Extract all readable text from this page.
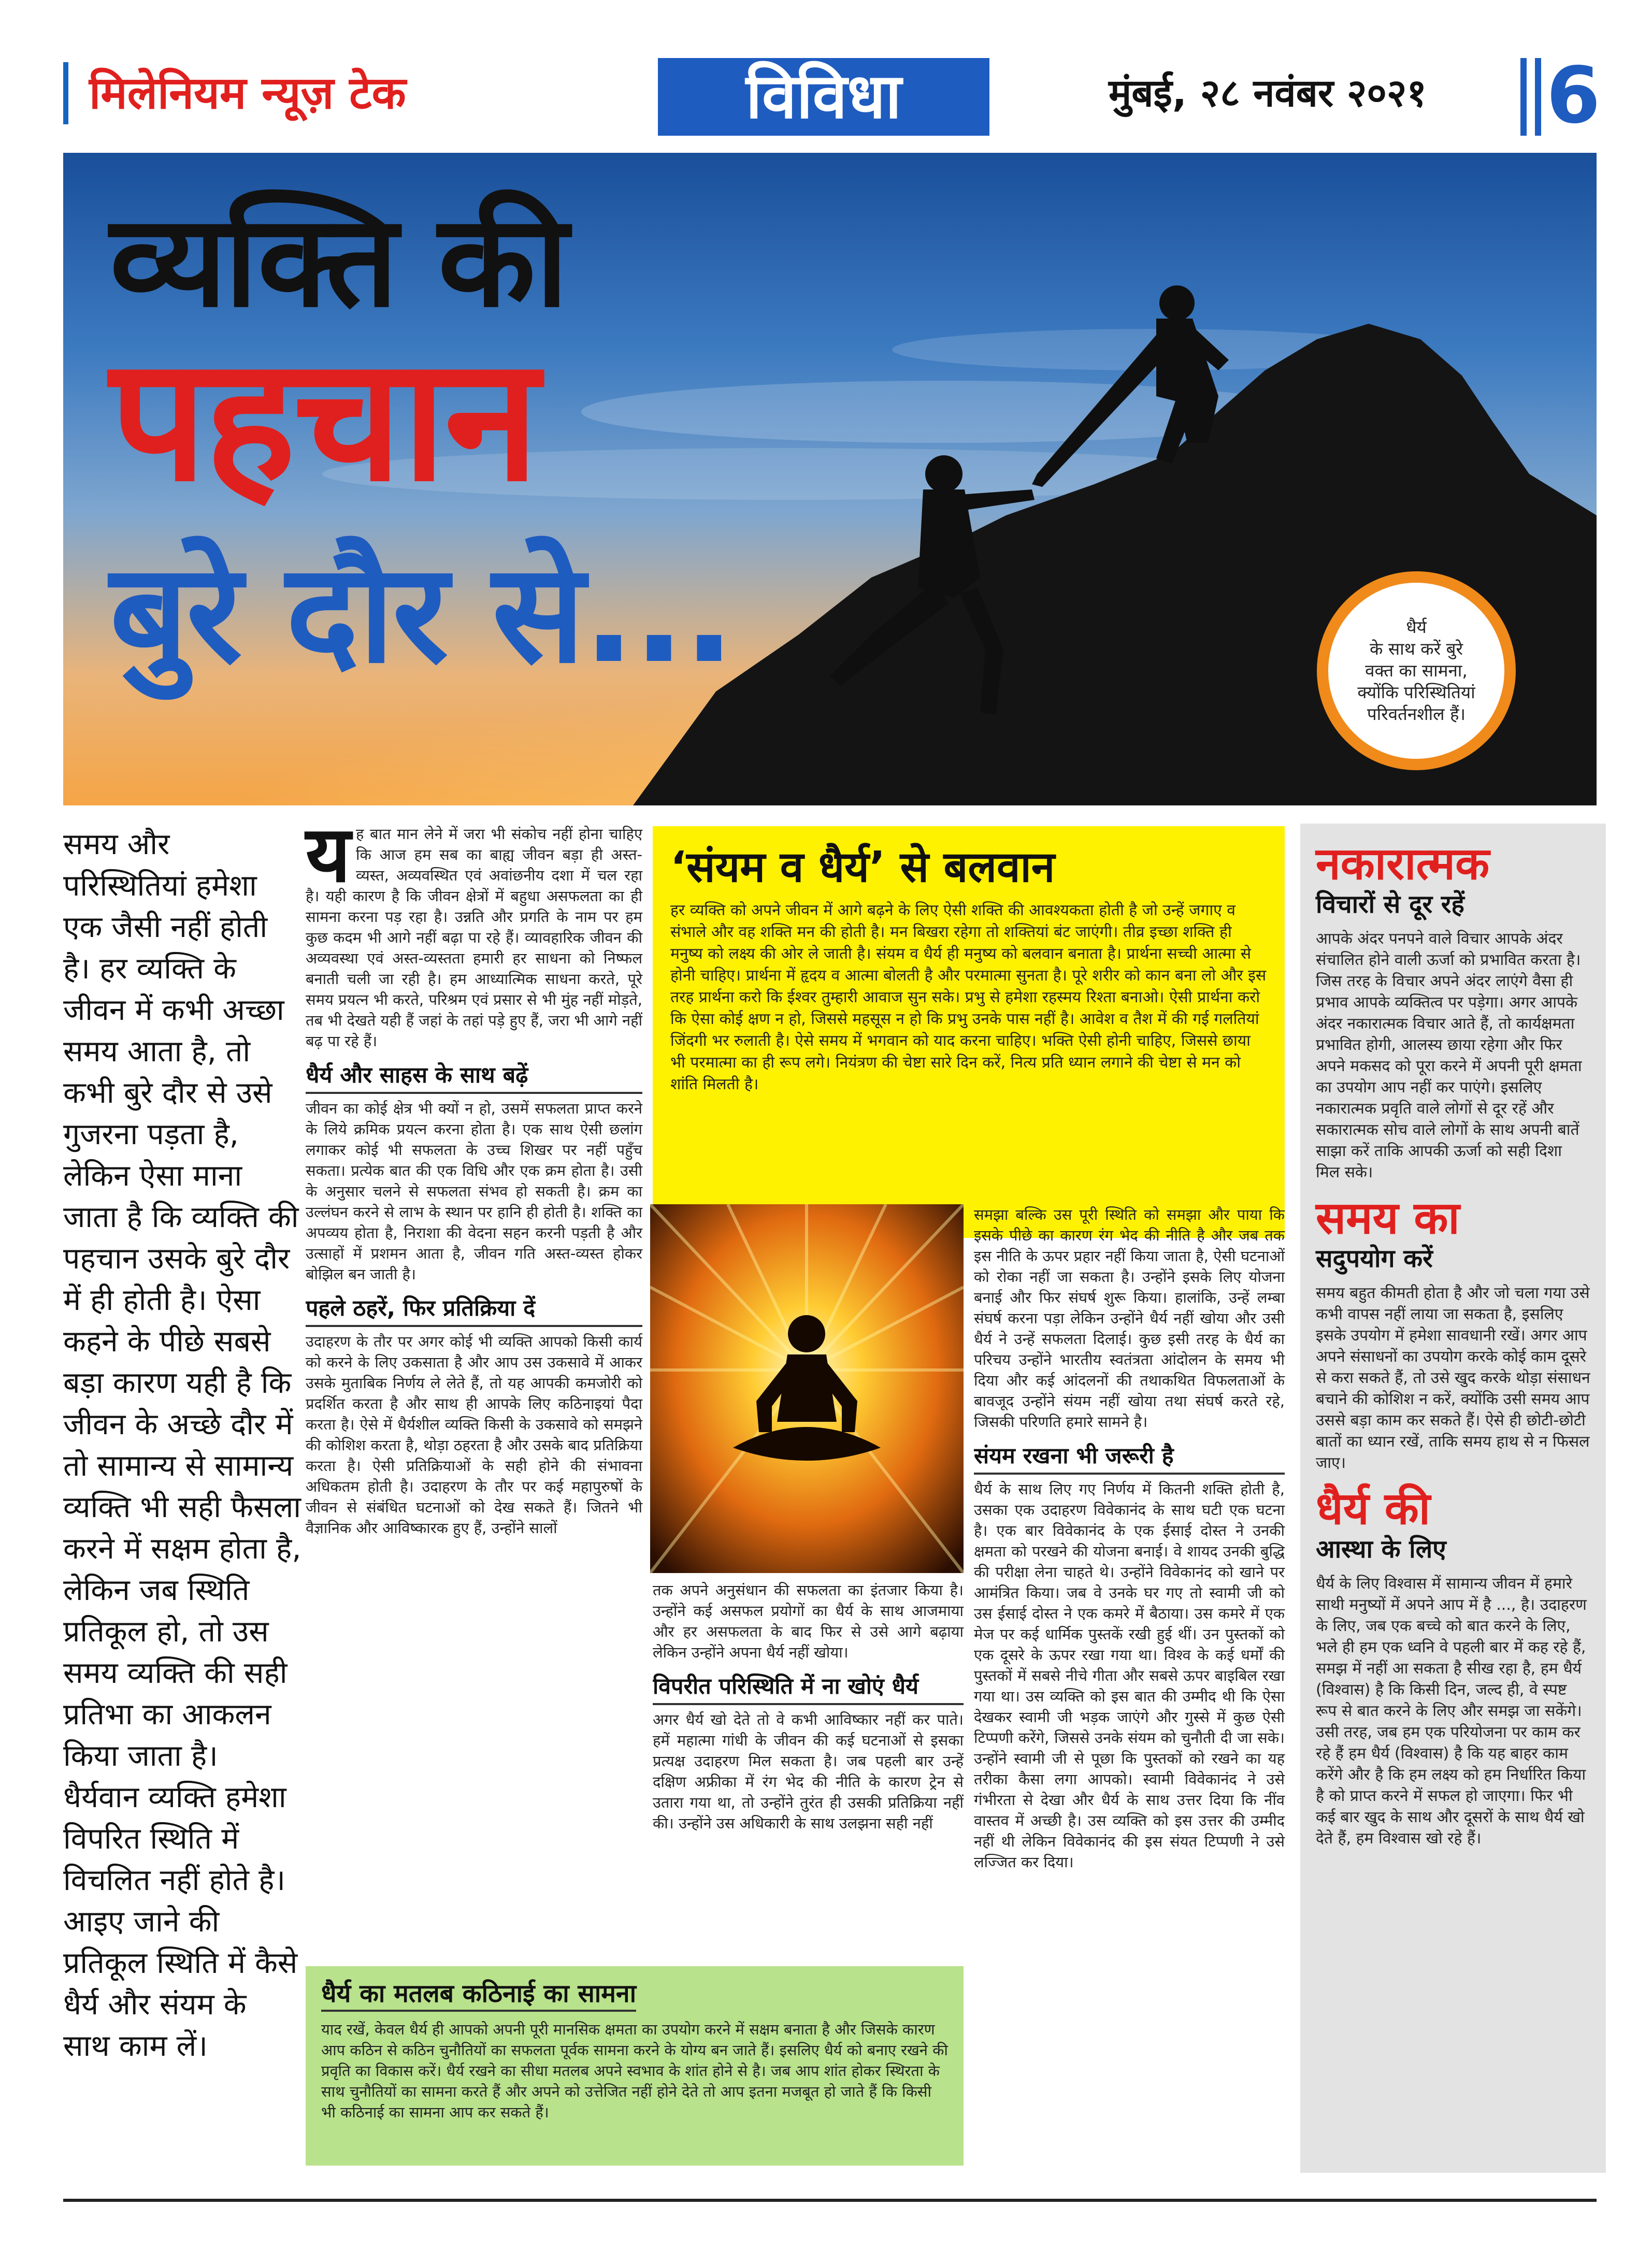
मिलेनियम न्यूज़ टेक	विविधा	मुंबई, २८ नवंबर २०२१ 6
व्यक्ति की
पहचान
बुरे दौर से...	धैर्य
के साथ करें बुरे
वक्त का सामना,
क्योंकि परिस्थितियां
परिवर्तनशील हैं।

समय और परिस्थितियां हमेशा एक जैसी नहीं होती है। हर व्यक्ति के जीवन में कभी अच्छा समय आता है, तो कभी बुरे दौर से उसे गुजरना पड़ता है, लेकिन ऐसा माना जाता है कि व्यक्ति की पहचान उसके बुरे दौर में ही होती है। ऐसा कहने के पीछे सबसे बड़ा कारण यही है कि जीवन के अच्छे दौर में तो सामान्य से सामान्य व्यक्ति भी सही फैसला करने में सक्षम होता है, लेकिन जब स्थिति प्रतिकूल हो, तो उस समय व्यक्ति की सही प्रतिभा का आकलन किया जाता है। धैर्यवान व्यक्ति हमेशा विपरित स्थिति में विचलित नहीं होते है। आइए जाने की प्रतिकूल स्थिति में कैसे धैर्य और संयम के साथ काम लें।

यह बात मान लेने में जरा भी संकोच नहीं होना चाहिए कि आज हम सब का बाह्य जीवन बड़ा ही अस्त-व्यस्त, अव्यवस्थित एवं अवांछनीय दशा में चल रहा है। यही कारण है कि जीवन क्षेत्रों में बहुधा असफलता का ही सामना करना पड़ रहा है। उन्नति और प्रगति के नाम पर हम कुछ कदम भी आगे नहीं बढ़ा पा रहे हैं। व्यावहारिक जीवन की अव्यवस्था एवं अस्त-व्यस्तता हमारी हर साधना को निष्फल बनाती चली जा रही है। हम आध्यात्मिक साधना करते, पूरे समय प्रयत्न भी करते, परिश्रम एवं प्रसार से भी मुंह नहीं मोड़ते, तब भी देखते यही हैं जहां के तहां पड़े हुए हैं, जरा भी आगे नहीं बढ़ पा रहे हैं।

धैर्य और साहस के साथ बढ़ें

जीवन का कोई क्षेत्र भी क्यों न हो, उसमें सफलता प्राप्त करने के लिये क्रमिक प्रयत्न करना होता है। एक साथ ऐसी छलांग लगाकर कोई भी सफलता के उच्च शिखर पर नहीं पहुँच सकता। प्रत्येक बात की एक विधि और एक क्रम होता है। उसी के अनुसार चलने से सफलता संभव हो सकती है। क्रम का उल्लंघन करने से लाभ के स्थान पर हानि ही होती है। शक्ति का अपव्यय होता है, निराशा की वेदना सहन करनी पड़ती है और उत्साहों में प्रशमन आता है, जीवन गति अस्त-व्यस्त होकर बोझिल बन जाती है।

पहले ठहरें, फिर प्रतिक्रिया दें

उदाहरण के तौर पर अगर कोई भी व्यक्ति आपको किसी कार्य को करने के लिए उकसाता है और आप उस उकसावे में आकर उसके मुताबिक निर्णय ले लेते हैं, तो यह आपकी कमजोरी को प्रदर्शित करता है और साथ ही आपके लिए कठिनाइयां पैदा करता है। ऐसे में धैर्यशील व्यक्ति किसी के उकसावे को समझने की कोशिश करता है, थोड़ा ठहरता है और उसके बाद प्रतिक्रिया करता है। ऐसी प्रतिक्रियाओं के सही होने की संभावना अधिकतम होती है। उदाहरण के तौर पर कई महापुरुषों के जीवन से संबंधित घटनाओं को देख सकते हैं। जितने भी वैज्ञानिक और आविष्कारक हुए हैं, उन्होंने सालों

‘संयम व धैर्य’ से बलवान

हर व्यक्ति को अपने जीवन में आगे बढ़ने के लिए ऐसी शक्ति की आवश्यकता होती है जो उन्हें जगाए व संभाले और वह शक्ति मन की होती है। मन बिखरा रहेगा तो शक्तियां बंट जाएंगी। तीव्र इच्छा शक्ति ही मनुष्य को लक्ष्य की ओर ले जाती है। संयम व धैर्य ही मनुष्य को बलवान बनाता है। प्रार्थना सच्ची आत्मा से होनी चाहिए। प्रार्थना में हृदय व आत्मा बोलती है और परमात्मा सुनता है। पूरे शरीर को कान बना लो और इस तरह प्रार्थना करो कि ईश्वर तुम्हारी आवाज सुन सके। प्रभु से हमेशा रहस्मय रिश्ता बनाओ। ऐसी प्रार्थना करो कि ऐसा कोई क्षण न हो, जिससे महसूस न हो कि प्रभु उनके पास नहीं है। आवेश व तैश में की गई गलतियां जिंदगी भर रुलाती है। ऐसे समय में भगवान को याद करना चाहिए। भक्ति ऐसी होनी चाहिए, जिससे छाया भी परमात्मा का ही रूप लगे। नियंत्रण की चेष्टा सारे दिन करें, नित्य प्रति ध्यान लगाने की चेष्टा से मन को शांति मिलती है।

तक अपने अनुसंधान की सफलता का इंतजार किया है। उन्होंने कई असफल प्रयोगों का धैर्य के साथ आजमाया और हर असफलता के बाद फिर से उसे आगे बढ़ाया लेकिन उन्होंने अपना धैर्य नहीं खोया।

विपरीत परिस्थिति में ना खोएं धैर्य

अगर धैर्य खो देते तो वे कभी आविष्कार नहीं कर पाते। हमें महात्मा गांधी के जीवन की कई घटनाओं से इसका प्रत्यक्ष उदाहरण मिल सकता है। जब पहली बार उन्हें दक्षिण अफ्रीका में रंग भेद की नीति के कारण ट्रेन से उतारा गया था, तो उन्होंने तुरंत ही उसकी प्रतिक्रिया नहीं की। उन्होंने उस अधिकारी के साथ उलझना सही नहीं

समझा बल्कि उस पूरी स्थिति को समझा और पाया कि इसके पीछे का कारण रंग भेद की नीति है और जब तक इस नीति के ऊपर प्रहार नहीं किया जाता है, ऐसी घटनाओं को रोका नहीं जा सकता है। उन्होंने इसके लिए योजना बनाई और फिर संघर्ष शुरू किया। हालांकि, उन्हें लम्बा संघर्ष करना पड़ा लेकिन उन्होंने धैर्य नहीं खोया और उसी धैर्य ने उन्हें सफलता दिलाई। कुछ इसी तरह के धैर्य का परिचय उन्होंने भारतीय स्वतंत्रता आंदोलन के समय भी दिया और कई आंदलनों की तथाकथित विफलताओं के बावजूद उन्होंने संयम नहीं खोया तथा संघर्ष करते रहे, जिसकी परिणति हमारे सामने है।

संयम रखना भी जरूरी है

धैर्य के साथ लिए गए निर्णय में कितनी शक्ति होती है, उसका एक उदाहरण विवेकानंद के साथ घटी एक घटना है। एक बार विवेकानंद के एक ईसाई दोस्त ने उनकी क्षमता को परखने की योजना बनाई। वे शायद उनकी बुद्धि की परीक्षा लेना चाहते थे। उन्होंने विवेकानंद को खाने पर आमंत्रित किया। जब वे उनके घर गए तो स्वामी जी को उस ईसाई दोस्त ने एक कमरे में बैठाया। उस कमरे में एक मेज पर कई धार्मिक पुस्तकें रखी हुई थीं। उन पुस्तकों को एक दूसरे के ऊपर रखा गया था। विश्व के कई धर्मों की पुस्तकों में सबसे नीचे गीता और सबसे ऊपर बाइबिल रखा गया था। उस व्यक्ति को इस बात की उम्मीद थी कि ऐसा देखकर स्वामी जी भड़क जाएंगे और गुस्से में कुछ ऐसी टिप्पणी करेंगे, जिससे उनके संयम को चुनौती दी जा सके। उन्होंने स्वामी जी से पूछा कि पुस्तकों को रखने का यह तरीका कैसा लगा आपको। स्वामी विवेकानंद ने उसे गंभीरता से देखा और धैर्य के साथ उत्तर दिया कि नींव वास्तव में अच्छी है। उस व्यक्ति को इस उत्तर की उम्मीद नहीं थी लेकिन विवेकानंद की इस संयत टिप्पणी ने उसे लज्जित कर दिया।

धैर्य का मतलब कठिनाई का सामना

याद रखें, केवल धैर्य ही आपको अपनी पूरी मानसिक क्षमता का उपयोग करने में सक्षम बनाता है और जिसके कारण आप कठिन से कठिन चुनौतियों का सफलता पूर्वक सामना करने के योग्य बन जाते हैं। इसलिए धैर्य को बनाए रखने की प्रवृति का विकास करें। धैर्य रखने का सीधा मतलब अपने स्वभाव के शांत होने से है। जब आप शांत होकर स्थिरता के साथ चुनौतियों का सामना करते हैं और अपने को उत्तेजित नहीं होने देते तो आप इतना मजबूत हो जाते हैं कि किसी भी कठिनाई का सामना आप कर सकते हैं।

नकारात्मक
विचारों से दूर रहें

आपके अंदर पनपने वाले विचार आपके अंदर संचालित होने वाली ऊर्जा को प्रभावित करता है। जिस तरह के विचार अपने अंदर लाएंगे वैसा ही प्रभाव आपके व्यक्तित्व पर पड़ेगा। अगर आपके अंदर नकारात्मक विचार आते हैं, तो कार्यक्षमता प्रभावित होगी, आलस्य छाया रहेगा और फिर अपने मकसद को पूरा करने में अपनी पूरी क्षमता का उपयोग आप नहीं कर पाएंगे। इसलिए नकारात्मक प्रवृति वाले लोगों से दूर रहें और सकारात्मक सोच वाले लोगों के साथ अपनी बातें साझा करें ताकि आपकी ऊर्जा को सही दिशा मिल सके।

समय का
सदुपयोग करें

समय बहुत कीमती होता है और जो चला गया उसे कभी वापस नहीं लाया जा सकता है, इसलिए इसके उपयोग में हमेशा सावधानी रखें। अगर आप अपने संसाधनों का उपयोग करके कोई काम दूसरे से करा सकते हैं, तो उसे खुद करके थोड़ा संसाधन बचाने की कोशिश न करें, क्योंकि उसी समय आप उससे बड़ा काम कर सकते हैं। ऐसे ही छोटी-छोटी बातों का ध्यान रखें, ताकि समय हाथ से न फिसल जाए।

धैर्य की
आस्था के लिए

धैर्य के लिए विश्वास में सामान्य जीवन में हमारे साथी मनुष्यों में अपने आप में है ..., है। उदाहरण के लिए, जब एक बच्चे को बात करने के लिए, भले ही हम एक ध्वनि वे पहली बार में कह रहे हैं, समझ में नहीं आ सकता है सीख रहा है, हम धैर्य (विश्वास) है कि किसी दिन, जल्द ही, वे स्पष्ट रूप से बात करने के लिए और समझ जा सकेंगे। उसी तरह, जब हम एक परियोजना पर काम कर रहे हैं हम धैर्य (विश्वास) है कि यह बाहर काम करेंगे और है कि हम लक्ष्य को हम निर्धारित किया है को प्राप्त करने में सफल हो जाएगा। फिर भी कई बार खुद के साथ और दूसरों के साथ धैर्य खो देते हैं, हम विश्वास खो रहे हैं।
